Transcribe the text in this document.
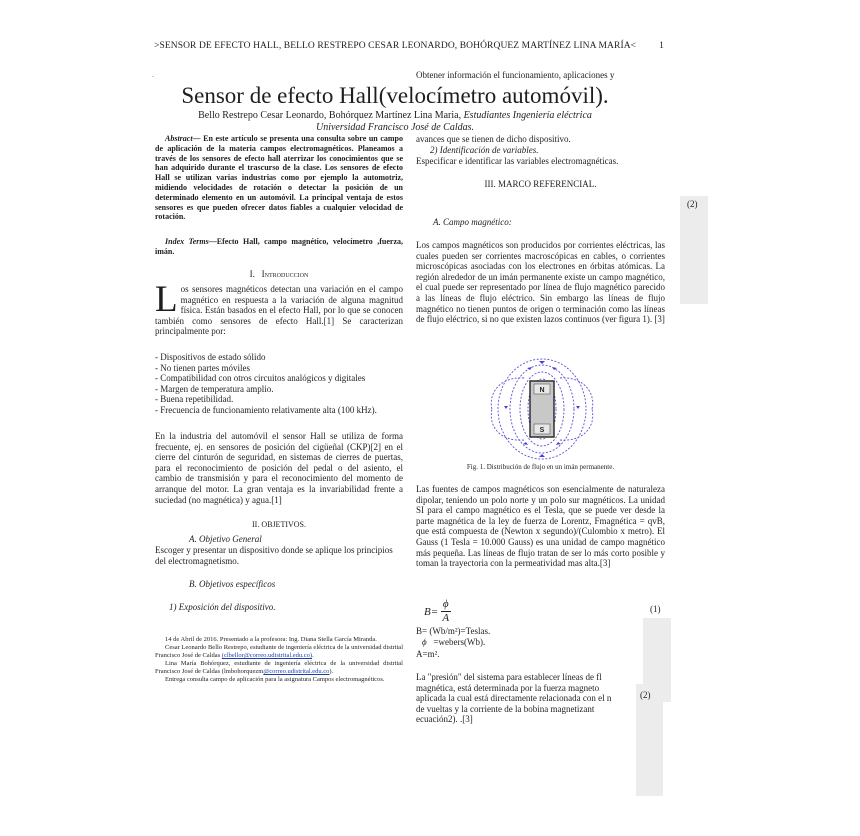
>SENSOR DE EFECTO HALL, BELLO RESTREPO CESAR LEONARDO, BOHÓRQUEZ MARTÍNEZ LINA MARÍA< 1
.
Sensor de efecto Hall(velocímetro automóvil).
Bello Restrepo Cesar Leonardo, Bohórquez Martínez Lina Maria, Estudiantes Ingeniería eléctrica
Universidad Francisco José de Caldas.
Abstract— En este artículo se presenta una consulta sobre un campo de aplicación de la materia campos electromagnéticos. Planeamos a través de los sensores de efecto hall aterrizar los conocimientos que se han adquirido durante el trascurso de la clase. Los sensores de efecto Hall se utilizan varias industrias como por ejemplo la automotriz, midiendo velocidades de rotación o detectar la posición de un determinado elemento en un automóvil. La principal ventaja de estos sensores es que pueden ofrecer datos fiables a cualquier velocidad de rotación.
Index Terms—Efecto Hall, campo magnético, velocímetro ,fuerza, imán.
I. Introduccion
Los sensores magnéticos detectan una variación en el campo magnético en respuesta a la variación de alguna magnitud física. Están basados en el efecto Hall, por lo que se conocen también como sensores de efecto Hall.[1] Se caracterizan principalmente por:
- Dispositivos de estado sólido
- No tienen partes móviles
- Compatibilidad con otros circuitos analógicos y digitales
- Margen de temperatura amplio.
- Buena repetibilidad.
- Frecuencia de funcionamiento relativamente alta (100 kHz).
En la industria del automóvil el sensor Hall se utiliza de forma frecuente, ej. en sensores de posición del cigüeñal (CKP)[2] en el cierre del cinturón de seguridad, en sistemas de cierres de puertas, para el reconocimiento de posición del pedal o del asiento, el cambio de transmisión y para el reconocimiento del momento de arranque del motor. La gran ventaja es la invariabilidad frente a suciedad (no magnética) y agua.[1]
II. OBJETIVOS.
A. Objetivo General
Escoger y presentar un dispositivo donde se aplique los principios del electromagnetismo.
B. Objetivos específicos
1) Exposición del dispositivo.
14 de Abril de 2016. Presentado a la profesora: Ing. Diana Stella García Miranda.
Cesar Leonardo Bello Restrepo, estudiante de ingeniería eléctrica de la universidad distrital Francisco José de Caldas (clbellor@correo.udistrital.edu.co).
Lina María Bohórquez, estudiante de ingeniería eléctrica de la universidad distrital Francisco José de Caldas (lmbohorquezm@correo.udistrital.edu.co).
Entrega consulta campo de aplicación para la asignatura Campos electromagnéticos.
Obtener información el funcionamiento, aplicaciones y
avances que se tienen de dicho dispositivo.
2) Identificación de variables.
Especificar e identificar las variables electromagnéticas.
III. MARCO REFERENCIAL.
A. Campo magnético:
Los campos magnéticos son producidos por corrientes eléctricas, las cuales pueden ser corrientes macroscópicas en cables, o corrientes microscópicas asociadas con los electrones en órbitas atómicas. La región alrededor de un imán permanente existe un campo magnético, el cual puede ser representado por línea de flujo magnético parecido a las líneas de flujo eléctrico. Sin embargo las líneas de flujo magnético no tienen puntos de origen o terminación como las líneas de flujo eléctrico, si no que existen lazos continuos (ver figura 1). [3]
N
S
Fig. 1. Distribución de flujo en un imán permanente.
Las fuentes de campos magnéticos son esencialmente de naturaleza dipolar, teniendo un polo norte y un polo sur magnéticos. La unidad SI para el campo magnético es el Tesla, que se puede ver desde la parte magnética de la ley de fuerza de Lorentz, Fmagnética = qvB, que está compuesta de (Newton x segundo)/(Culombio x metro). El Gauss (1 Tesla = 10.000 Gauss) es una unidad de campo magnético más pequeña. Las líneas de flujo tratan de ser lo más corto posible y toman la trayectoria con la permeatividad mas alta.[3]
$B= \frac{\phi}{A}$	(1)
B= (Wb/m²)=Teslas.
ϕ =webers(Wb).
A=m².
La "presión" del sistema para establecer líneas de fl
magnética, está determinada por la fuerza magneto
aplicada la cual está directamente relacionada con el n
de vueltas y la corriente de la bobina magnetizant
ecuación2). .[3]
(2)
(2)
